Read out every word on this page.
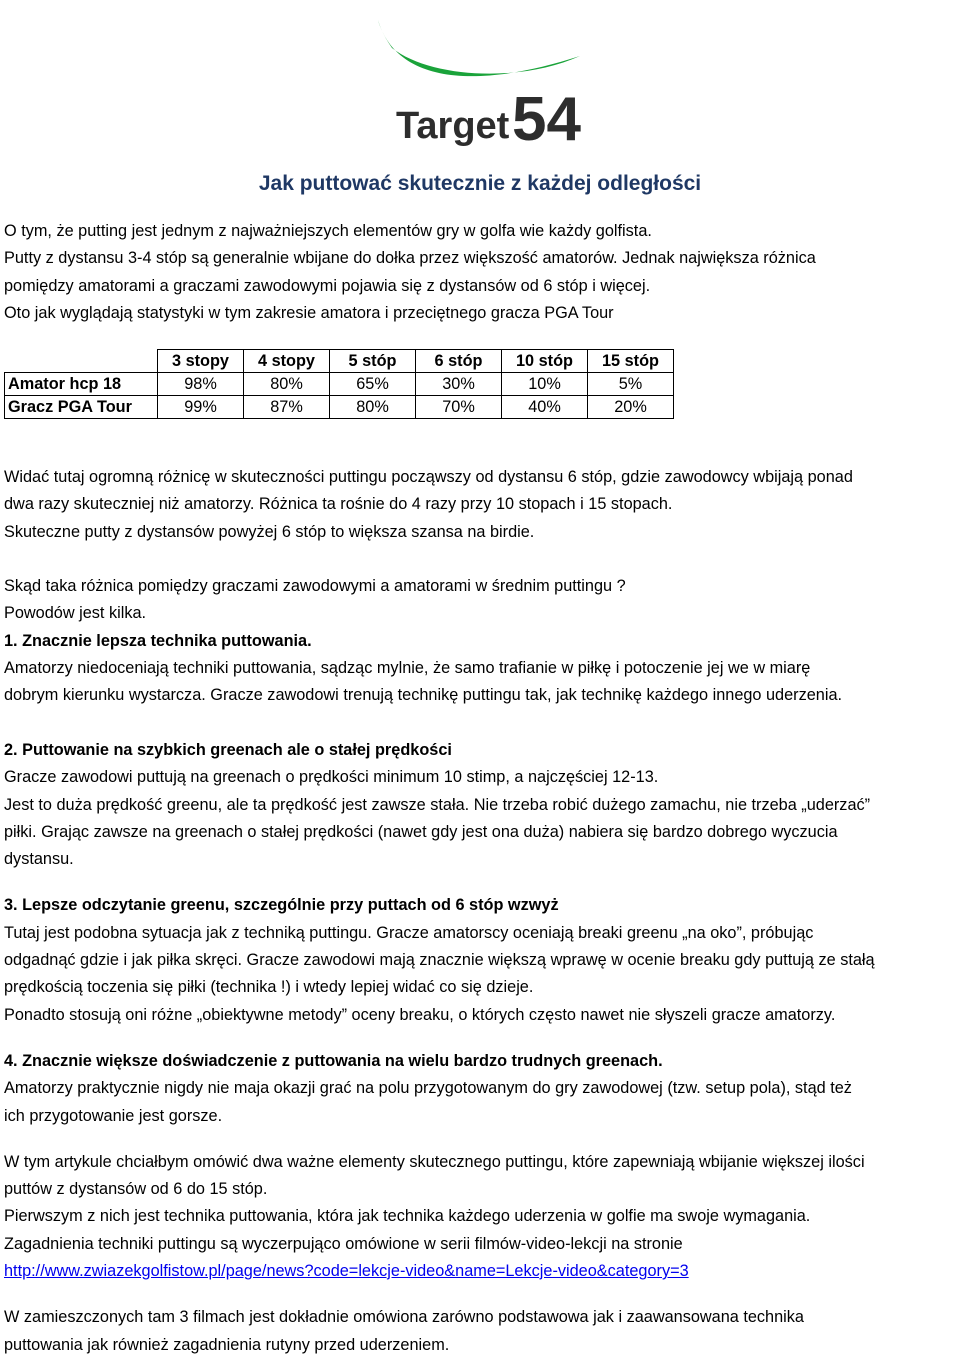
Target 54
Jak puttować skutecznie z każdej odległości

O tym, że putting jest jednym z najważniejszych elementów gry w golfa wie każdy golfista.

Putty z dystansu 3-4 stóp są generalnie wbijane do dołka przez większość amatorów. Jednak największa różnica

pomiędzy amatorami a graczami zawodowymi pojawia się z dystansów od 6 stóp i więcej.

Oto jak wyglądają statystyki w tym zakresie amatora i przeciętnego gracza PGA Tour

	3 stopy	4 stopy	5 stóp	6 stóp	10 stóp	15 stóp
Amator hcp 18	98%	80%	65%	30%	10%	5%
Gracz PGA Tour	99%	87%	80%	70%	40%	20%

Widać tutaj ogromną różnicę w skuteczności puttingu począwszy od dystansu 6 stóp, gdzie zawodowcy wbijają ponad

dwa razy skuteczniej niż amatorzy. Różnica ta rośnie do 4 razy przy 10 stopach i 15 stopach.

Skuteczne putty z dystansów powyżej 6 stóp to większa szansa na birdie.

Skąd taka różnica pomiędzy graczami zawodowymi a amatorami w średnim puttingu ?

Powodów jest kilka.

1. Znacznie lepsza technika puttowania.

Amatorzy niedoceniają techniki puttowania, sądząc mylnie, że samo trafianie w piłkę i potoczenie jej we w miarę

dobrym kierunku wystarcza. Gracze zawodowi trenują technikę puttingu tak, jak technikę każdego innego uderzenia.

2. Puttowanie na szybkich greenach ale o stałej prędkości

Gracze zawodowi puttują na greenach o prędkości minimum 10 stimp, a najczęściej 12-13.

Jest to duża prędkość greenu, ale ta prędkość jest zawsze stała. Nie trzeba robić dużego zamachu, nie trzeba „uderzać”

piłki. Grając zawsze na greenach o stałej prędkości (nawet gdy jest ona duża) nabiera się bardzo dobrego wyczucia

dystansu.

3. Lepsze odczytanie greenu, szczególnie przy puttach od 6 stóp wzwyż

Tutaj jest podobna sytuacja jak z techniką puttingu. Gracze amatorscy oceniają breaki greenu „na oko”, próbując

odgadnąć gdzie i jak piłka skręci. Gracze zawodowi mają znacznie większą wprawę w ocenie breaku gdy puttują ze stałą

prędkością toczenia się piłki (technika !) i wtedy lepiej widać co się dzieje.

Ponadto stosują oni różne „obiektywne metody” oceny breaku, o których często nawet nie słyszeli gracze amatorzy.

4. Znacznie większe doświadczenie z puttowania na wielu bardzo trudnych greenach.

Amatorzy praktycznie nigdy nie maja okazji grać na polu przygotowanym do gry zawodowej (tzw. setup pola), stąd też

ich przygotowanie jest gorsze.

W tym artykule chciałbym omówić dwa ważne elementy skutecznego puttingu, które zapewniają wbijanie większej ilości

puttów z dystansów od 6 do 15 stóp.

Pierwszym z nich jest technika puttowania, która jak technika każdego uderzenia w golfie ma swoje wymagania.

Zagadnienia techniki puttingu są wyczerpująco omówione w serii filmów-video-lekcji na stronie

http://www.zwiazekgolfistow.pl/page/news?code=lekcje-video&name=Lekcje-video&category=3

W zamieszczonych tam 3 filmach jest dokładnie omówiona zarówno podstawowa jak i zaawansowana technika

puttowania jak również zagadnienia rutyny przed uderzeniem.
